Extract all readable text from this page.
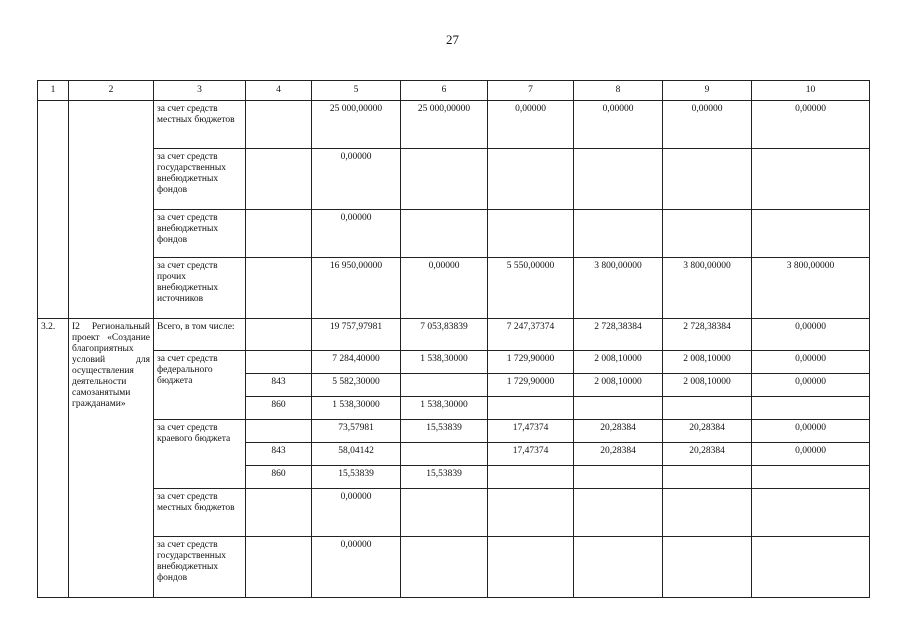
27
1	2	3	4	5	6	7	8	9	10
		за счет средств местных бюджетов		25 000,00000	25 000,00000	0,00000	0,00000	0,00000	0,00000
		за счет средств государственных внебюджетных фондов		0,00000					
		за счет средств внебюджетных фондов		0,00000					
		за счет средств прочих внебюджетных источников		16 950,00000	0,00000	5 550,00000	3 800,00000	3 800,00000	3 800,00000
3.2.	I2 Региональный проект «Создание благоприятных условий для осуществления деятельности самозанятыми гражданами»	Всего, в том числе:		19 757,97981	7 053,83839	7 247,37374	2 728,38384	2 728,38384	0,00000
		за счет средств федерального бюджета		7 284,40000	1 538,30000	1 729,90000	2 008,10000	2 008,10000	0,00000
			843	5 582,30000		1 729,90000	2 008,10000	2 008,10000	0,00000
			860	1 538,30000	1 538,30000				
		за счет средств краевого бюджета		73,57981	15,53839	17,47374	20,28384	20,28384	0,00000
			843	58,04142		17,47374	20,28384	20,28384	0,00000
			860	15,53839	15,53839				
		за счет средств местных бюджетов		0,00000					
		за счет средств государственных внебюджетных фондов		0,00000					
